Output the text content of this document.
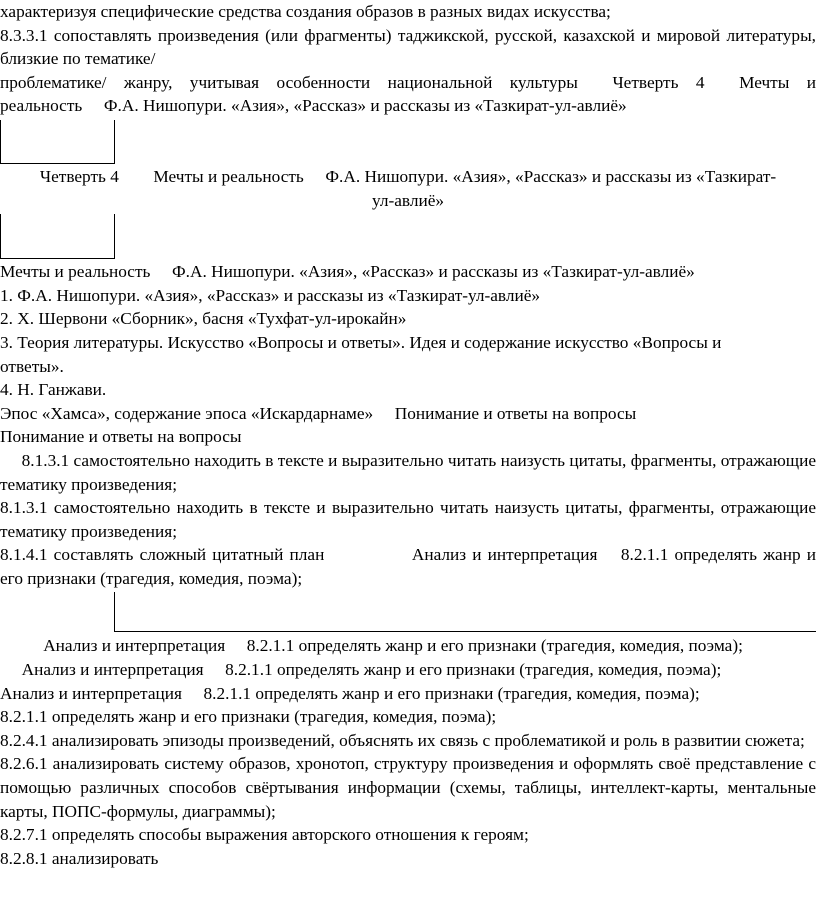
характеризуя специфические средства создания образов в разных видах искусства;

8.3.3.1 сопоставлять произведения (или фрагменты) таджикской, русской, казахской и мировой литературы, близкие по тематике/

проблематике/ жанру, учитывая особенности национальной культуры  Четверть 4  Мечты и реальность  Ф.А. Нишопури. «Азия», «Рассказ» и рассказы из «Тазкират-ул-авлиё»

Четверть 4  Мечты и реальность  Ф.А. Нишопури. «Азия», «Рассказ» и рассказы из «Тазкират-ул-авлиё»

Мечты и реальность  Ф.А. Нишопури. «Азия», «Рассказ» и рассказы из «Тазкират-ул-авлиё»

1. Ф.А. Нишопури. «Азия», «Рассказ» и рассказы из «Тазкират-ул-авлиё»

2. Х. Шервони «Сборник», басня «Тухфат-ул-ирокайн»

3. Теория литературы. Искусство «Вопросы и ответы». Идея и содержание искусство «Вопросы и ответы».

4. Н. Ганжави.

Эпос «Хамса», содержание эпоса «Искардарнаме»  Понимание и ответы на вопросы

Понимание и ответы на вопросы

  8.1.3.1 самостоятельно находить в тексте и выразительно читать наизусть цитаты, фрагменты, отражающие тематику произведения;

8.1.3.1 самостоятельно находить в тексте и выразительно читать наизусть цитаты, фрагменты, отражающие тематику произведения;

8.1.4.1 составлять сложный цитатный план       Анализ и интерпретация  8.2.1.1 определять жанр и его признаки (трагедия, комедия, поэма);

    Анализ и интерпретация  8.2.1.1 определять жанр и его признаки (трагедия, комедия, поэма);

  Анализ и интерпретация  8.2.1.1 определять жанр и его признаки (трагедия, комедия, поэма);

Анализ и интерпретация  8.2.1.1 определять жанр и его признаки (трагедия, комедия, поэма);

8.2.1.1 определять жанр и его признаки (трагедия, комедия, поэма);

8.2.4.1 анализировать эпизоды произведений, объяснять их связь с проблематикой и роль в развитии сюжета;

8.2.6.1 анализировать систему образов, хронотоп, структуру произведения и оформлять своё представление с помощью различных способов свёртывания информации (схемы, таблицы, интеллект-карты, ментальные карты, ПОПС-формулы, диаграммы);

8.2.7.1 определять способы выражения авторского отношения к героям;

8.2.8.1 анализировать
